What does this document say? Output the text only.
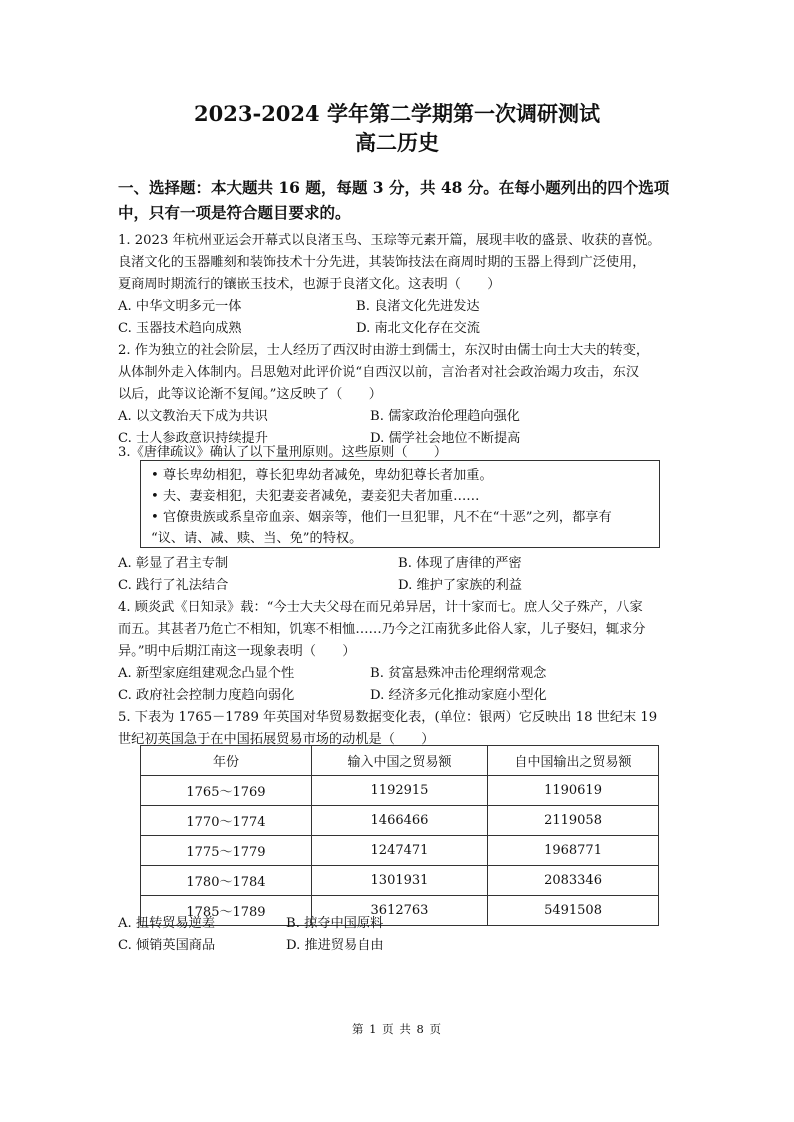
2023-2024 学年第二学期第一次调研测试
高二历史
一、选择题：本大题共 16 题，每题 3 分，共 48 分。在每小题列出的四个选项
中，只有一项是符合题目要求的。
1. 2023 年杭州亚运会开幕式以良渚玉鸟、玉琮等元素开篇，展现丰收的盛景、收获的喜悦。
良渚文化的玉器雕刻和装饰技术十分先进，其装饰技法在商周时期的玉器上得到广泛使用，
夏商周时期流行的镶嵌玉技术，也源于良渚文化。这表明（　　）
A. 中华文明多元一体	B. 良渚文化先进发达
C. 玉器技术趋向成熟	D. 南北文化存在交流
2. 作为独立的社会阶层，士人经历了西汉时由游士到儒士，东汉时由儒士向士大夫的转变，
从体制外走入体制内。吕思勉对此评价说“自西汉以前，言治者对社会政治竭力攻击，东汉
以后，此等议论渐不复闻。”这反映了（　　）
A. 以文教治天下成为共识	B. 儒家政治伦理趋向强化
C. 士人参政意识持续提升	D. 儒学社会地位不断提高
3.《唐律疏议》确认了以下量刑原则。这些原则（　　）
• 尊长卑幼相犯，尊长犯卑幼者减免，卑幼犯尊长者加重。
• 夫、妻妾相犯，夫犯妻妾者减免，妻妾犯夫者加重……
• 官僚贵族或系皇帝血亲、姻亲等，他们一旦犯罪，凡不在“十恶”之列，都享有
“议、请、减、赎、当、免”的特权。
A. 彰显了君主专制	B. 体现了唐律的严密
C. 践行了礼法结合	D. 维护了家族的利益
4. 顾炎武《日知录》载：“今士大夫父母在而兄弟异居，计十家而七。庶人父子殊产，八家
而五。其甚者乃危亡不相知，饥寒不相恤……乃今之江南犹多此俗人家，儿子娶妇，辄求分
异。”明中后期江南这一现象表明（　　）
A. 新型家庭组建观念凸显个性	B. 贫富悬殊冲击伦理纲常观念
C. 政府社会控制力度趋向弱化	D. 经济多元化推动家庭小型化
5. 下表为 1765－1789 年英国对华贸易数据变化表，(单位：银两）它反映出 18 世纪末 19
世纪初英国急于在中国拓展贸易市场的动机是（　　）
年份	输入中国之贸易额	自中国输出之贸易额
1765～1769	1192915	1190619
1770～1774	1466466	2119058
1775～1779	1247471	1968771
1780～1784	1301931	2083346
1785～1789	3612763	5491508
A. 扭转贸易逆差	B. 掠夺中国原料
C. 倾销英国商品	D. 推进贸易自由
第 1 页 共 8 页
